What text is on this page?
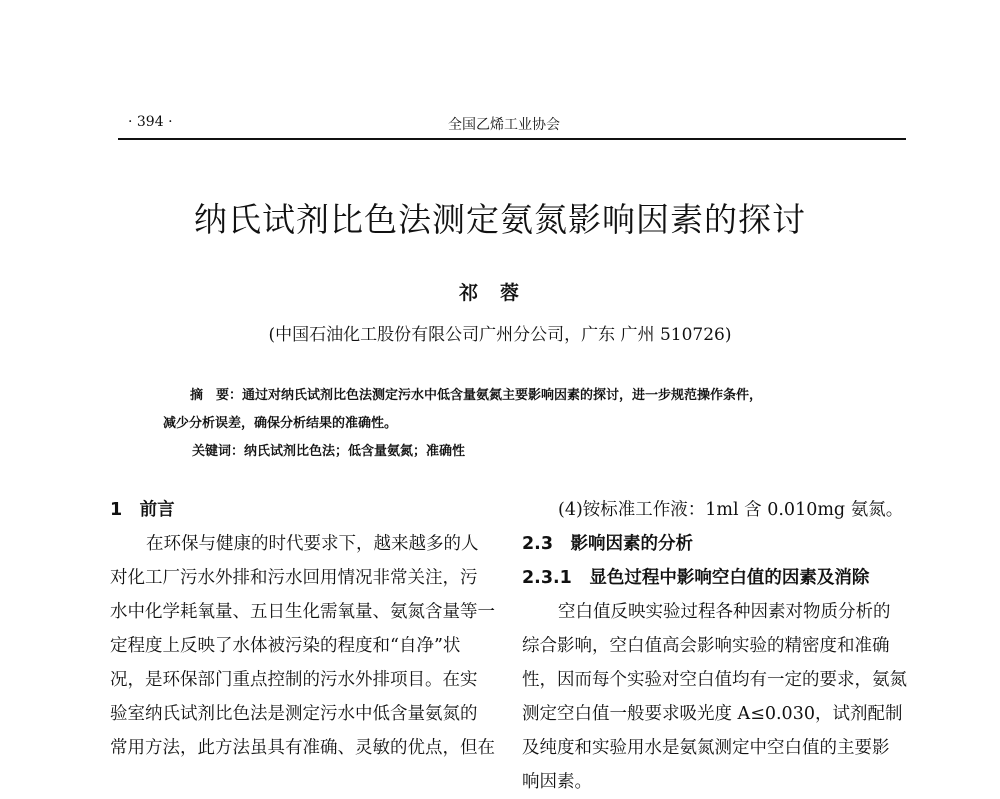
· 394 ·	全国乙烯工业协会
纳氏试剂比色法测定氨氮影响因素的探讨
祁蓉
(中国石油化工股份有限公司广州分公司，广东 广州 510726)
摘　要：通过对纳氏试剂比色法测定污水中低含量氨氮主要影响因素的探讨，进一步规范操作条件，
减少分析误差，确保分析结果的准确性。
关键词：纳氏试剂比色法；低含量氨氮；准确性
1　前言
在环保与健康的时代要求下，越来越多的人
对化工厂污水外排和污水回用情况非常关注，污
水中化学耗氧量、五日生化需氧量、氨氮含量等一
定程度上反映了水体被污染的程度和“自净”状
况，是环保部门重点控制的污水外排项目。在实
验室纳氏试剂比色法是测定污水中低含量氨氮的
常用方法，此方法虽具有准确、灵敏的优点，但在
(4)铵标准工作液：1ml 含 0.010mg 氨氮。
2.3　影响因素的分析
2.3.1　显色过程中影响空白值的因素及消除
空白值反映实验过程各种因素对物质分析的
综合影响，空白值高会影响实验的精密度和准确
性，因而每个实验对空白值均有一定的要求，氨氮
测定空白值一般要求吸光度 A≤0.030，试剂配制
及纯度和实验用水是氨氮测定中空白值的主要影
响因素。
